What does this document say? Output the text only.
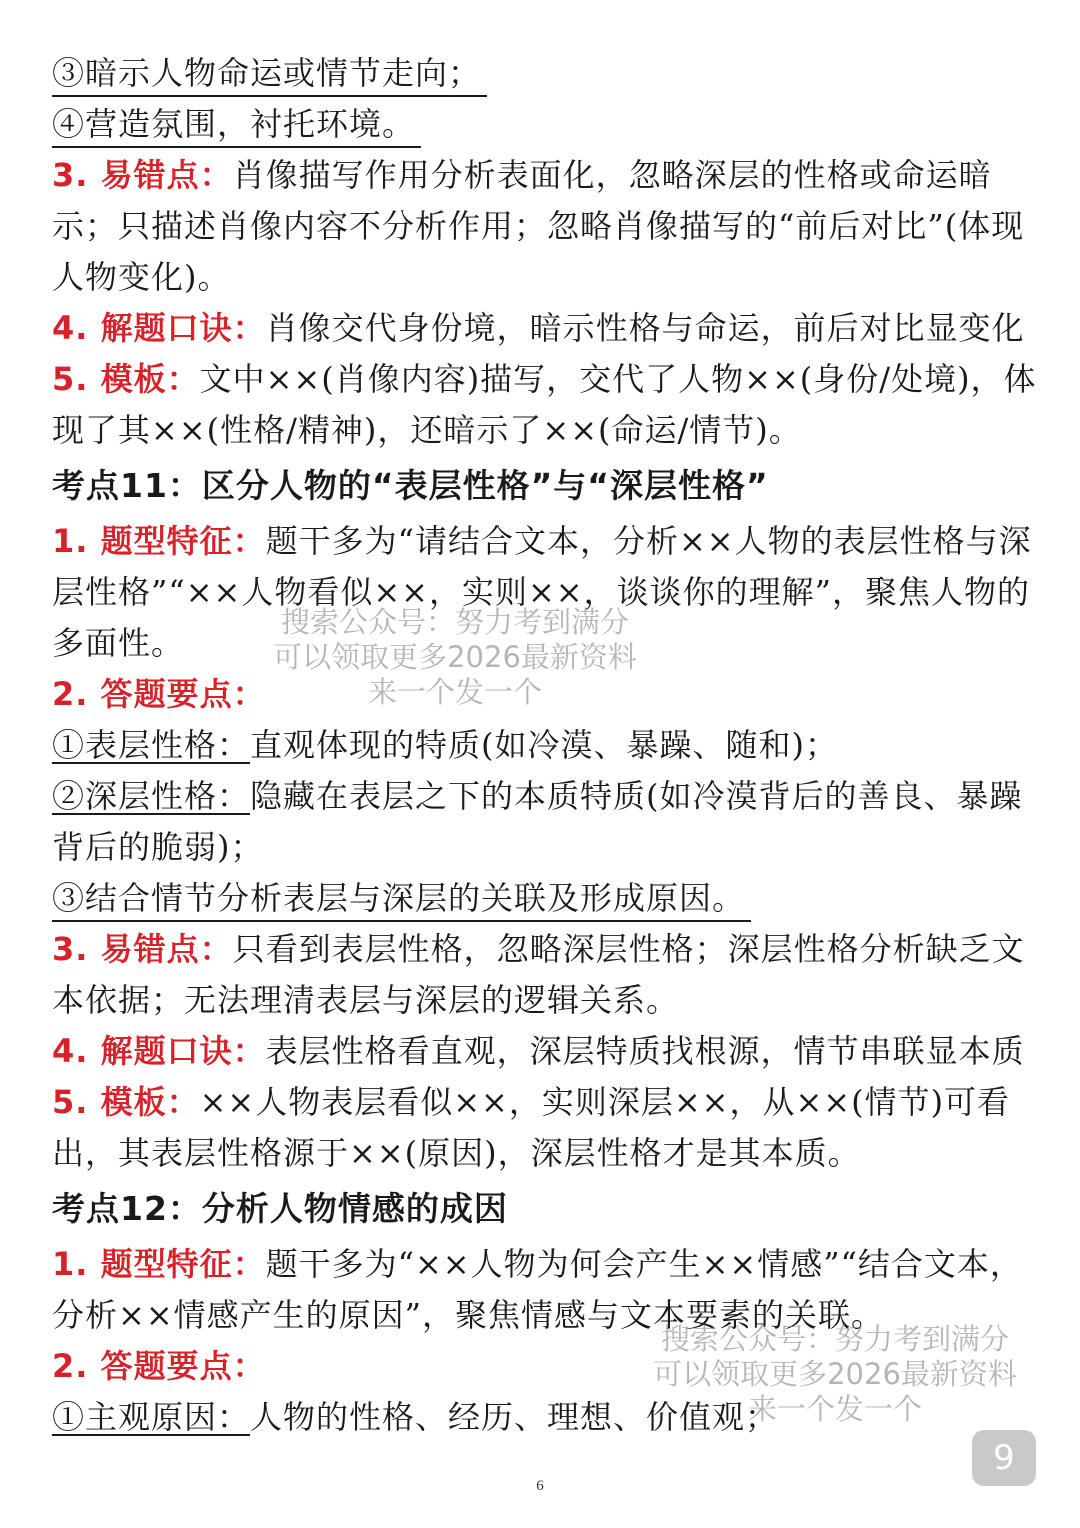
③暗示人物命运或情节走向；
④营造氛围，衬托环境。
3. 易错点：肖像描写作用分析表面化，忽略深层的性格或命运暗示；只描述肖像内容不分析作用；忽略肖像描写的“前后对比”(体现人物变化)。
4. 解题口诀：肖像交代身份境，暗示性格与命运，前后对比显变化
5. 模板：文中××(肖像内容)描写，交代了人物××(身份/处境)，体现了其××(性格/精神)，还暗示了××(命运/情节)。
考点11：区分人物的“表层性格”与“深层性格”
1. 题型特征：题干多为“请结合文本，分析××人物的表层性格与深层性格”“××人物看似××，实则××，谈谈你的理解”，聚焦人物的多面性。
2. 答题要点：
①表层性格：直观体现的特质(如冷漠、暴躁、随和)；
②深层性格：隐藏在表层之下的本质特质(如冷漠背后的善良、暴躁背后的脆弱)；
③结合情节分析表层与深层的关联及形成原因。
3. 易错点：只看到表层性格，忽略深层性格；深层性格分析缺乏文本依据；无法理清表层与深层的逻辑关系。
4. 解题口诀：表层性格看直观，深层特质找根源，情节串联显本质
5. 模板：××人物表层看似××，实则深层××，从××(情节)可看出，其表层性格源于××(原因)，深层性格才是其本质。
考点12：分析人物情感的成因
1. 题型特征：题干多为“××人物为何会产生××情感”“结合文本，分析××情感产生的原因”，聚焦情感与文本要素的关联。
2. 答题要点：
①主观原因：人物的性格、经历、理想、价值观；
搜索公众号：努力考到满分
可以领取更多2026最新资料
来一个发一个
搜索公众号：努力考到满分
可以领取更多2026最新资料
来一个发一个
6
9
